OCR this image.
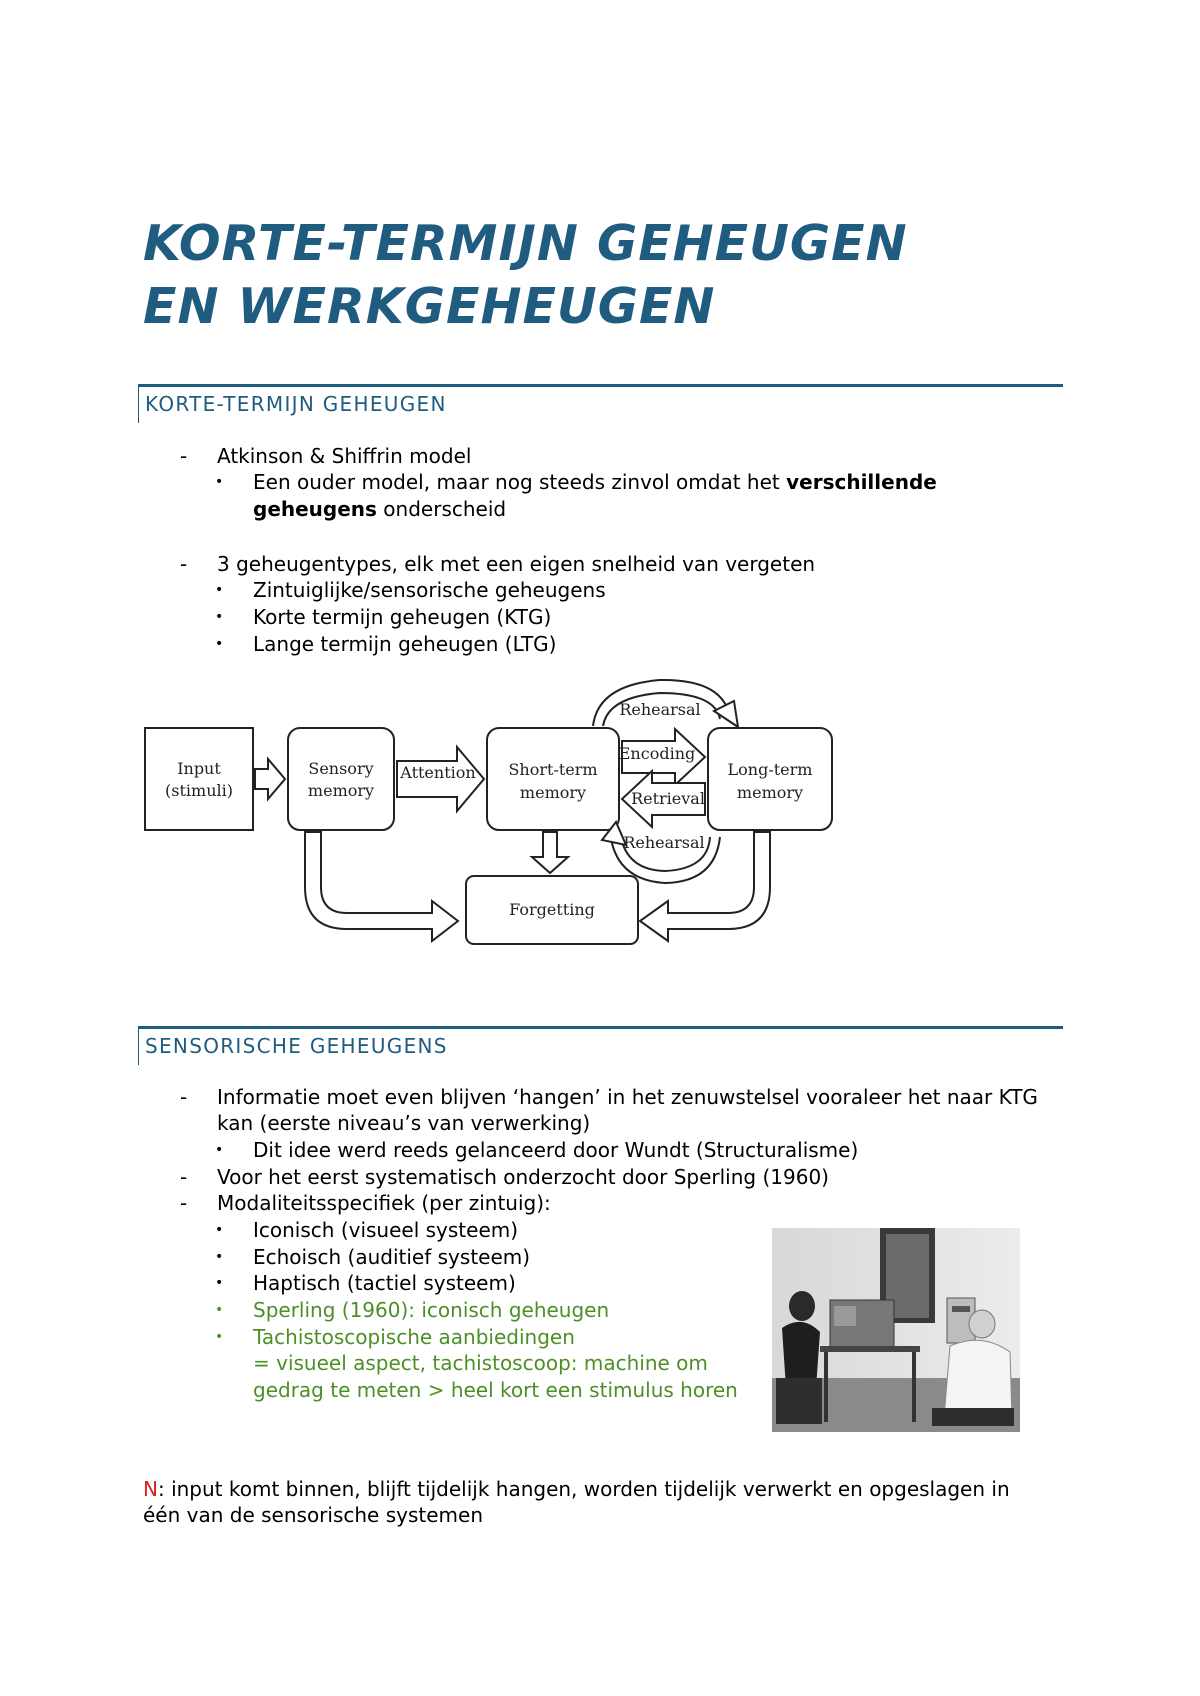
KORTE-TERMIJN GEHEUGEN
EN WERKGEHEUGEN
KORTE-TERMIJN GEHEUGEN
- Atkinson & Shiffrin model
• Een ouder model, maar nog steeds zinvol omdat het verschillende
geheugens onderscheid
- 3 geheugentypes, elk met een eigen snelheid van vergeten
• Zintuiglijke/sensorische geheugens
• Korte termijn geheugen (KTG)
• Lange termijn geheugen (LTG)
Input
(stimuli)
Sensory
memory
Attention Short-term
memory
Long-term
memory
Rehearsal
Encoding
Retrieval
Rehearsal
Forgetting
SENSORISCHE GEHEUGENS
- Informatie moet even blijven ‘hangen’ in het zenuwstelsel vooraleer het naar KTG
kan (eerste niveau’s van verwerking)
• Dit idee werd reeds gelanceerd door Wundt (Structuralisme)
- Voor het eerst systematisch onderzocht door Sperling (1960)
- Modaliteitsspecifiek (per zintuig):
• Iconisch (visueel systeem)
• Echoisch (auditief systeem)
• Haptisch (tactiel systeem)
• Sperling (1960): iconisch geheugen
• Tachistoscopische aanbiedingen
= visueel aspect, tachistoscoop: machine om
gedrag te meten > heel kort een stimulus horen
N: input komt binnen, blijft tijdelijk hangen, worden tijdelijk verwerkt en opgeslagen in
één van de sensorische systemen
